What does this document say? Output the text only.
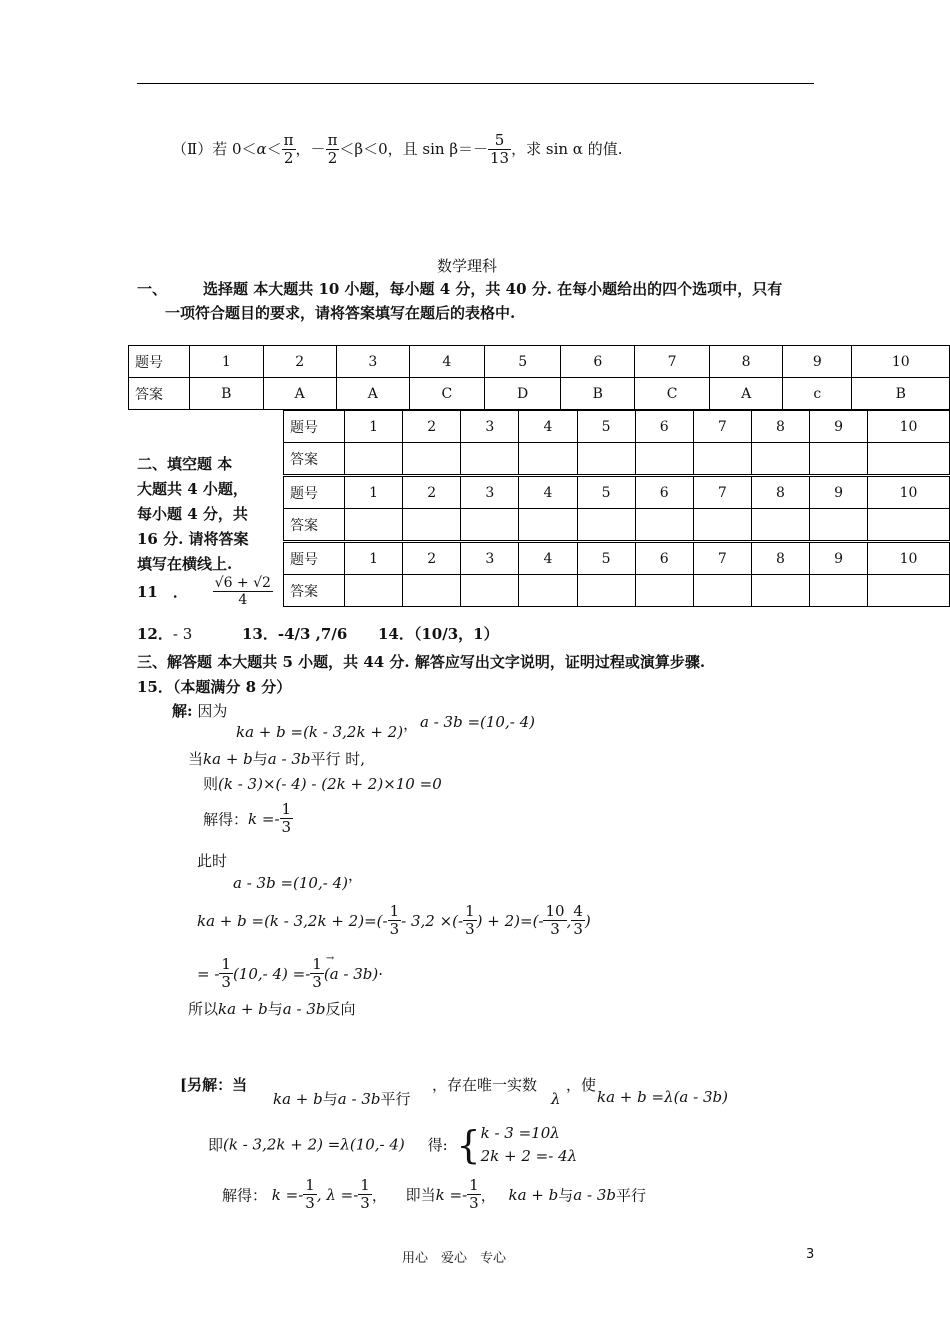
（Ⅱ）若 $0<\alpha< \frac{\pi}{2}$ ，－ $\frac{\pi}{2} <\beta<0$，且 $\sin \beta=- \frac{5}{13}$ ，求 sin α 的值.
数学理科
一、 选择题 本大题共 10 小题，每小题 4 分，共 40 分. 在每小题给出的四个选项中，只有
一项符合题目的要求，请将答案填写在题后的表格中.
题号	1	2	3	4	5	6	7	8	9	10
答案	B	A	A	C	D	B	C	A	c	B
题号	1	2	3	4	5	6	7	8	9	10
答案										
题号	1	2	3	4	5	6	7	8	9	10
答案										
题号	1	2	3	4	5	6	7	8	9	10
答案										
二、填空题 本
大题共 4 小题，
每小题 4 分，共
16 分. 请将答案
填写在横线上.
11　． $\frac{√6 + √2}{4}$
12．- 3	13．-4/3 ,7/6 14．（10/3，1）
三、解答题 本大题共 5 小题，共 44 分. 解答应写出文字说明，证明过程或演算步骤.
15．（本题满分 8 分）
解: 因为
ka + b =(k - 3,2k + 2)， a - 3b =(10,- 4)
当ka + b与a - 3b平行 时,
则(k - 3)×(- 4) - (2k + 2)×10 =0
解得：$k =- \frac{1}{3}$
此时
a - 3b =(10,- 4)，
ka + $b =(k - 3,2k + 2)=(- \frac{1}{3} - 3,2$ ×(- $\frac{1}{3}$ ) + $2)=(- \frac{10}{3}$ , $\frac{4}{3}$ )
= - $\frac{1}{3} (10,-$ $4) =- \frac{1}{3} \to (a - 3b)\cdot$
所以ka + b与a - 3b反向
[另解：当
ka + b与a - 3b平行
，存在唯一实数
λ
，使
ka + b =λ(a - 3b)
即(k - 3,2k + 2) =λ(10,- 4) 得: { k - 3 =10λ
2k + 2 =- 4λ
解得： $k =- \frac{1}{3}$ , $\lambda =- \frac{1}{3}$ ， 即当$k =- \frac{1}{3}$ ， ka + b与a - 3b平行
用心　爱心　专心	3
